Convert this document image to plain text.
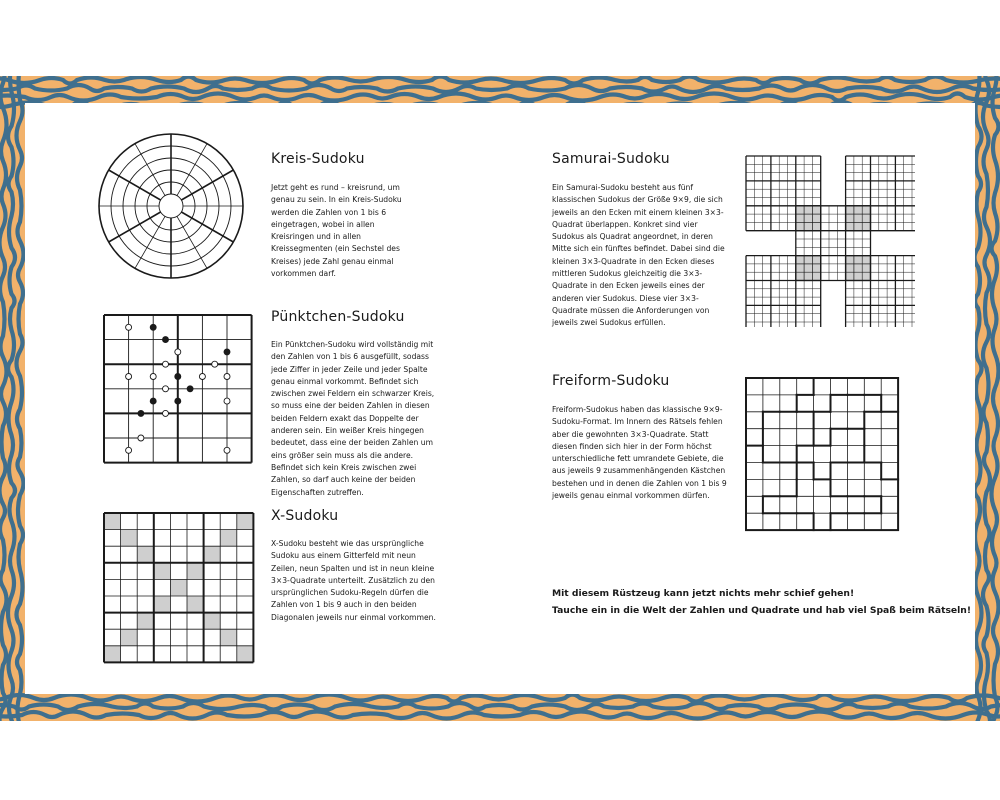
Kreis-Sudoku

Jetzt geht es rund – kreisrund, um genau zu sein. In ein Kreis-Sudoku werden die Zahlen von 1 bis 6 eingetragen, wobei in allen Kreisringen und in allen Kreissegmenten (ein Sechstel des Kreises) jede Zahl genau einmal vorkommen darf.

Pünktchen-Sudoku

Ein Pünktchen-Sudoku wird vollständig mit den Zahlen von 1 bis 6 ausgefüllt, sodass jede Ziffer in jeder Zeile und jeder Spalte genau einmal vorkommt. Befindet sich zwischen zwei Feldern ein schwarzer Kreis, so muss eine der beiden Zahlen in diesen beiden Feldern exakt das Doppelte der anderen sein. Ein weißer Kreis hingegen bedeutet, dass eine der beiden Zahlen um eins größer sein muss als die andere. Befindet sich kein Kreis zwischen zwei Zahlen, so darf auch keine der beiden Eigenschaften zutreffen.

X-Sudoku

X-Sudoku besteht wie das ursprüngliche Sudoku aus einem Gitterfeld mit neun Zeilen, neun Spalten und ist in neun kleine 3×3-Quadrate unterteilt. Zusätzlich zu den ursprünglichen Sudoku-Regeln dürfen die Zahlen von 1 bis 9 auch in den beiden Diagonalen jeweils nur einmal vorkommen.

Samurai-Sudoku

Ein Samurai-Sudoku besteht aus fünf klassischen Sudokus der Größe 9×9, die sich jeweils an den Ecken mit einem kleinen 3×3-Quadrat überlappen. Konkret sind vier Sudokus als Quadrat angeordnet, in deren Mitte sich ein fünftes befindet. Dabei sind die kleinen 3×3-Quadrate in den Ecken dieses mittleren Sudokus gleichzeitig die 3×3-Quadrate in den Ecken jeweils eines der anderen vier Sudokus. Diese vier 3×3-Quadrate müssen die Anforderungen von jeweils zwei Sudokus erfüllen.

Freiform-Sudoku

Freiform-Sudokus haben das klassische 9×9-Sudoku-Format. Im Innern des Rätsels fehlen aber die gewohnten 3×3-Quadrate. Statt diesen finden sich hier in der Form höchst unterschiedliche fett umrandete Gebiete, die aus jeweils 9 zusammenhängenden Kästchen bestehen und in denen die Zahlen von 1 bis 9 jeweils genau einmal vorkommen dürfen.

Mit diesem Rüstzeug kann jetzt nichts mehr schief gehen!
Tauche ein in die Welt der Zahlen und Quadrate und hab viel Spaß beim Rätseln!
